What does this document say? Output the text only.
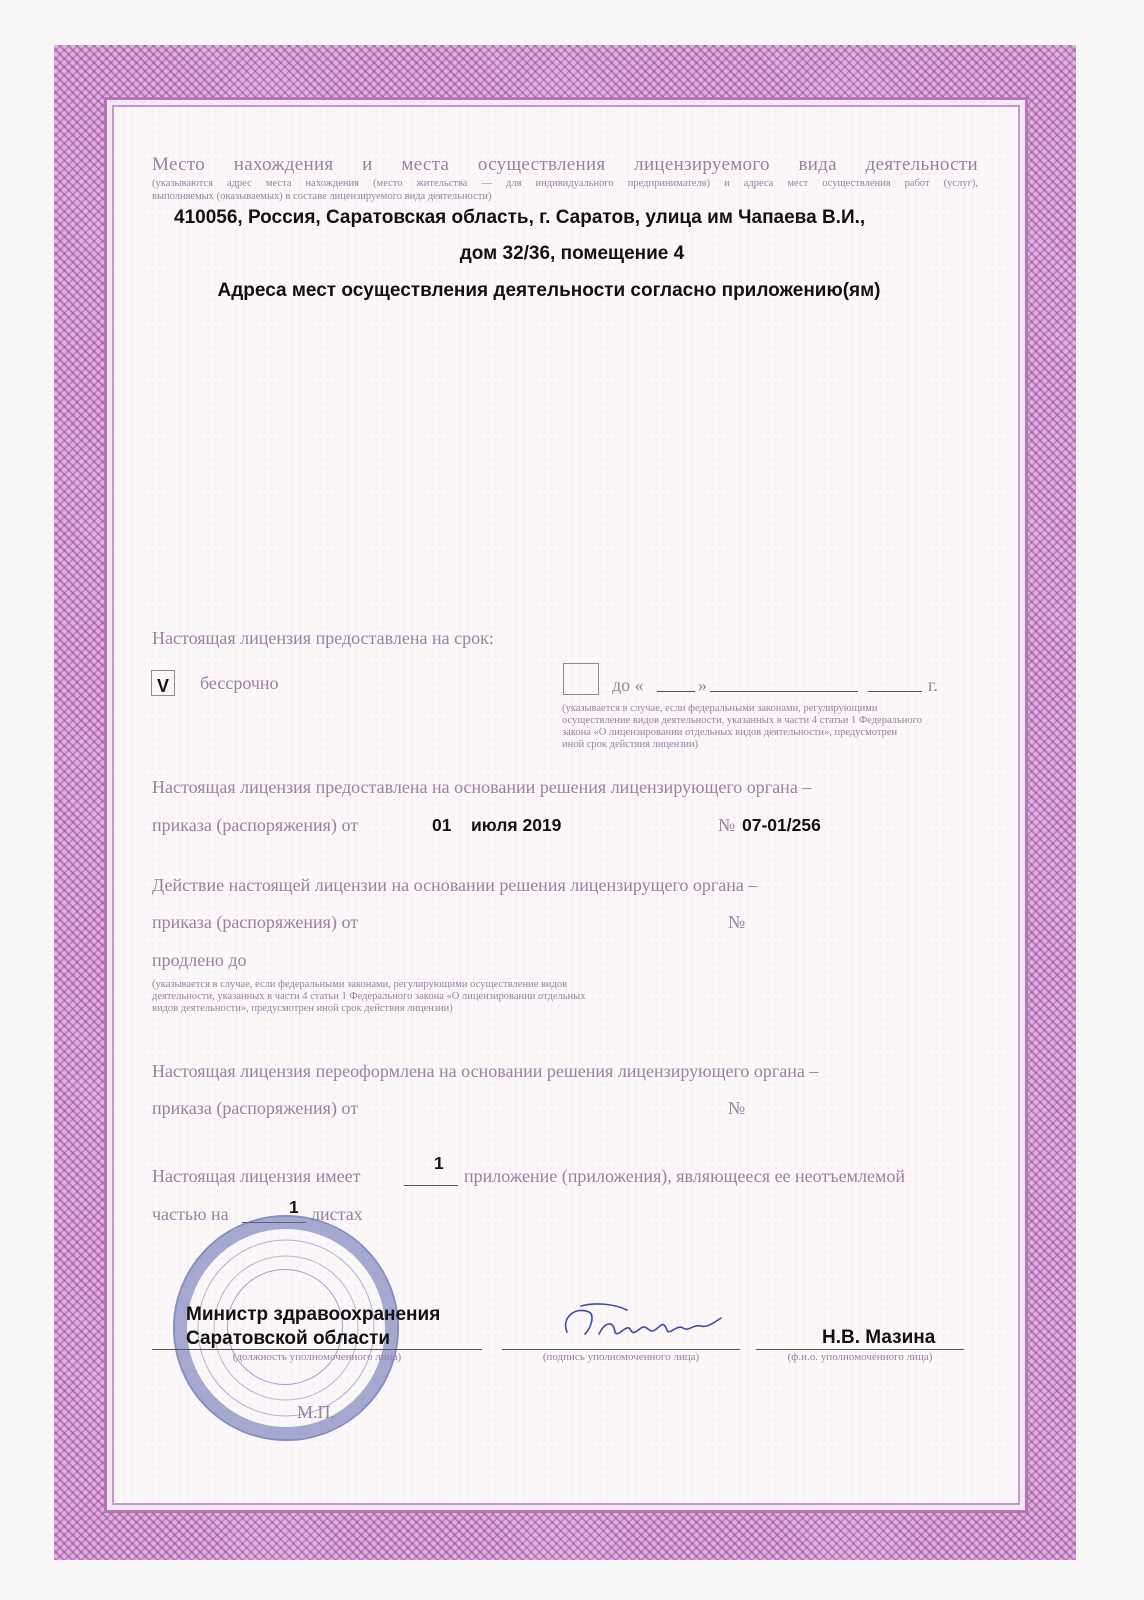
Место нахождения и места осуществления лицензируемого вида деятельности
(указываются адрес места нахождения (место жительства — для индивидуального предпринимателя) и адреса мест осуществления работ (услуг),
выполняемых (оказываемых) в составе лицензируемого вида деятельности)
410056, Россия, Саратовская область, г. Саратов, улица им Чапаева В.И.,
дом 32/36, помещение 4
Адреса мест осуществления деятельности согласно приложению(ям)
Настоящая лицензия предоставлена на срок:
V бессрочно	до «	»	г.
(указывается в случае, если федеральными законами, регулирующими
осуществление видов деятельности, указанных в части 4 статьи 1 Федерального
закона «О лицензировании отдельных видов деятельности», предусмотрен
иной срок действия лицензии)
Настоящая лицензия предоставлена на основании решения лицензирующего органа –
приказа (распоряжения) от	01 июля 2019	№ 07-01/256
Действие настоящей лицензии на основании решения лицензирущего органа –
приказа (распоряжения) от	№
продлено до
(указывается в случае, если федеральными законами, регулирующими осуществление видов
деятельности, указанных в части 4 статьи 1 Федерального закона «О лицензировании отдельных
видов деятельности», предусмотрен иной срок действия лицензии)
Настоящая лицензия переоформлена на основании решения лицензирующего органа –
приказа (распоряжения) от	№
Настоящая лицензия имеет
1
приложение (приложения), являющееся ее неотъемлемой
частью на	1 листах
Министр здравоохранения
Саратовской области
(должность уполномоченного лица)	(подпись уполномоченного лица)
Н.В. Мазина
(ф.и.о. уполномоченного лица)
М.П.
